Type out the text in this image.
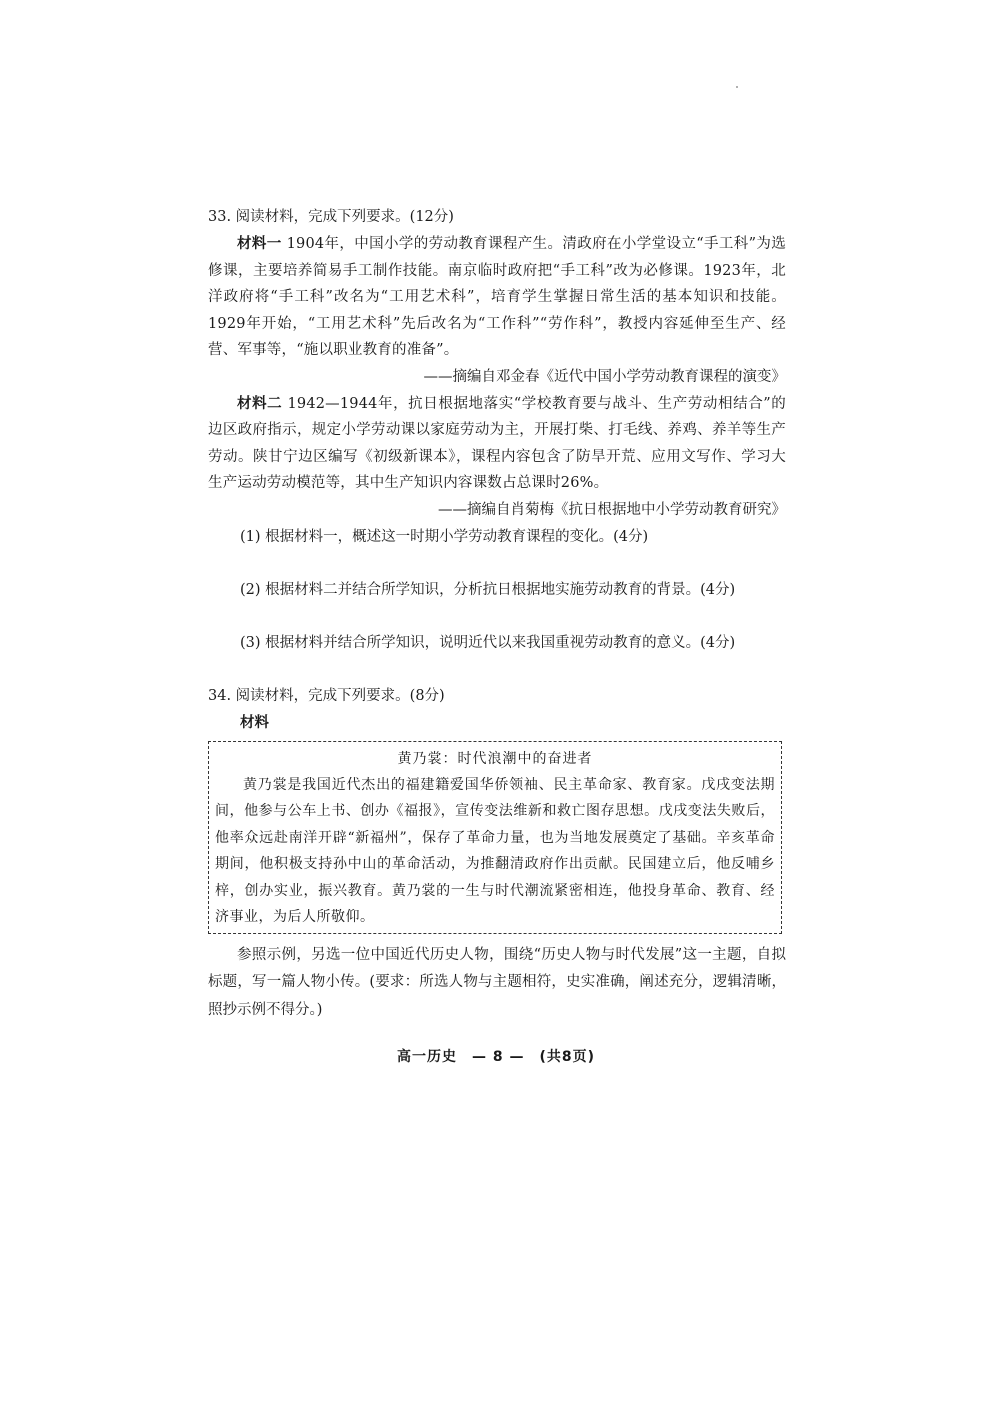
33. 阅读材料，完成下列要求。(12分)

材料一 1904年，中国小学的劳动教育课程产生。清政府在小学堂设立“手工科”为选修课，主要培养简易手工制作技能。南京临时政府把“手工科”改为必修课。1923年，北洋政府将“手工科”改名为“工用艺术科”，培育学生掌握日常生活的基本知识和技能。1929年开始，“工用艺术科”先后改名为“工作科”“劳作科”，教授内容延伸至生产、经营、军事等，“施以职业教育的准备”。

——摘编自邓金春《近代中国小学劳动教育课程的演变》

材料二 1942—1944年，抗日根据地落实“学校教育要与战斗、生产劳动相结合”的边区政府指示，规定小学劳动课以家庭劳动为主，开展打柴、打毛线、养鸡、养羊等生产劳动。陕甘宁边区编写《初级新课本》，课程内容包含了防旱开荒、应用文写作、学习大生产运动劳动模范等，其中生产知识内容课数占总课时26%。

——摘编自肖菊梅《抗日根据地中小学劳动教育研究》

(1) 根据材料一，概述这一时期小学劳动教育课程的变化。(4分)

(2) 根据材料二并结合所学知识，分析抗日根据地实施劳动教育的背景。(4分)

(3) 根据材料并结合所学知识，说明近代以来我国重视劳动教育的意义。(4分)

34. 阅读材料，完成下列要求。(8分)

材料

黄乃裳：时代浪潮中的奋进者

黄乃裳是我国近代杰出的福建籍爱国华侨领袖、民主革命家、教育家。戊戌变法期间，他参与公车上书、创办《福报》，宣传变法维新和救亡图存思想。戊戌变法失败后，他率众远赴南洋开辟“新福州”，保存了革命力量，也为当地发展奠定了基础。辛亥革命期间，他积极支持孙中山的革命活动，为推翻清政府作出贡献。民国建立后，他反哺乡梓，创办实业，振兴教育。黄乃裳的一生与时代潮流紧密相连，他投身革命、教育、经济事业，为后人所敬仰。

参照示例，另选一位中国近代历史人物，围绕“历史人物与时代发展”这一主题，自拟标题，写一篇人物小传。(要求：所选人物与主题相符，史实准确，阐述充分，逻辑清晰，照抄示例不得分。)

高一历史　— 8 —　(共8页)
